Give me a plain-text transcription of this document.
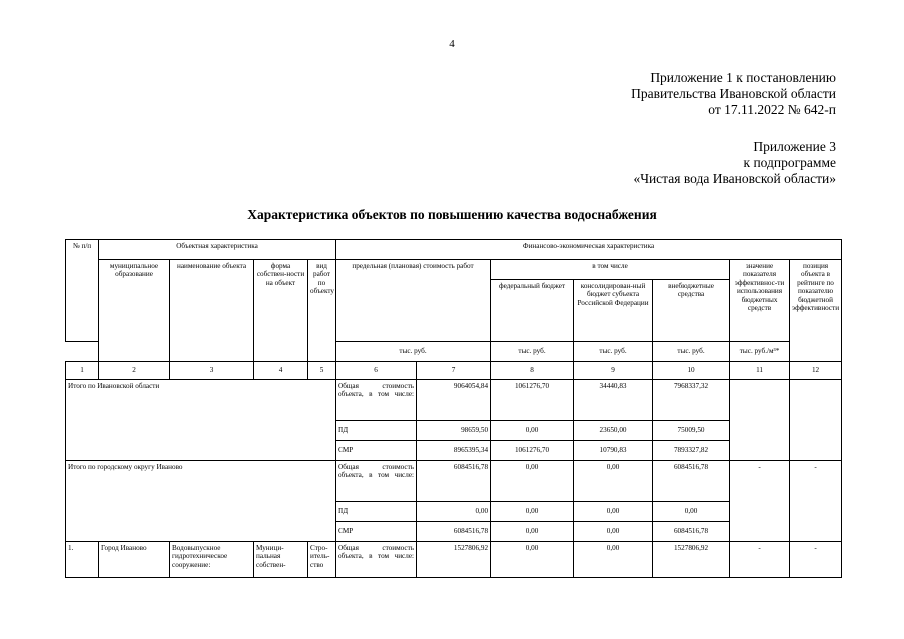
4
Приложение 1 к постановлению
Правительства Ивановской области
от 17.11.2022 № 642-п
Приложение 3
к подпрограмме
«Чистая вода Ивановской области»
Характеристика объектов по повышению качества водоснабжения
№ п/п	Объектная характеристика				Финансово-экономическая характеристика						
	муниципальное образование	наименование объекта	форма собствен-ности на объект	вид работ по объекту	предельная (плановая) стоимость работ		в том числе			значение показателя эффективнос-ти использования бюджетных средств	позиция объекта в рейтинге по показателю бюджетной эффективности
							федеральный бюджет	консолидирован-ный бюджет субъекта Российской Федерации	внебюджетные средства		
					тыс. руб.		тыс. руб.	тыс. руб.	тыс. руб.	тыс. руб./м³*	
1	2	3	4	5	6	7	8	9	10	11	12
Итого по Ивановской области					Общая стоимость объекта, в том числе:	9064054,84	1061276,70	34440,83	7968337,32		
					ПД	98659,50	0,00	23650,00	75009,50		
					СМР	8965395,34	1061276,70	10790,83	7893327,82		
Итого по городскому округу Иваново					Общая стоимость объекта, в том числе:	6084516,78	0,00	0,00	6084516,78	-	-
					ПД	0,00	0,00	0,00	0,00		
					СМР	6084516,78	0,00	0,00	6084516,78		
1.	Город Иваново	Водовыпускное гидротехническое сооружение:	Муници-пальная собствен-	Стро-итель-ство	Общая стоимость объекта, в том числе:	1527806,92	0,00	0,00	1527806,92	-	-
